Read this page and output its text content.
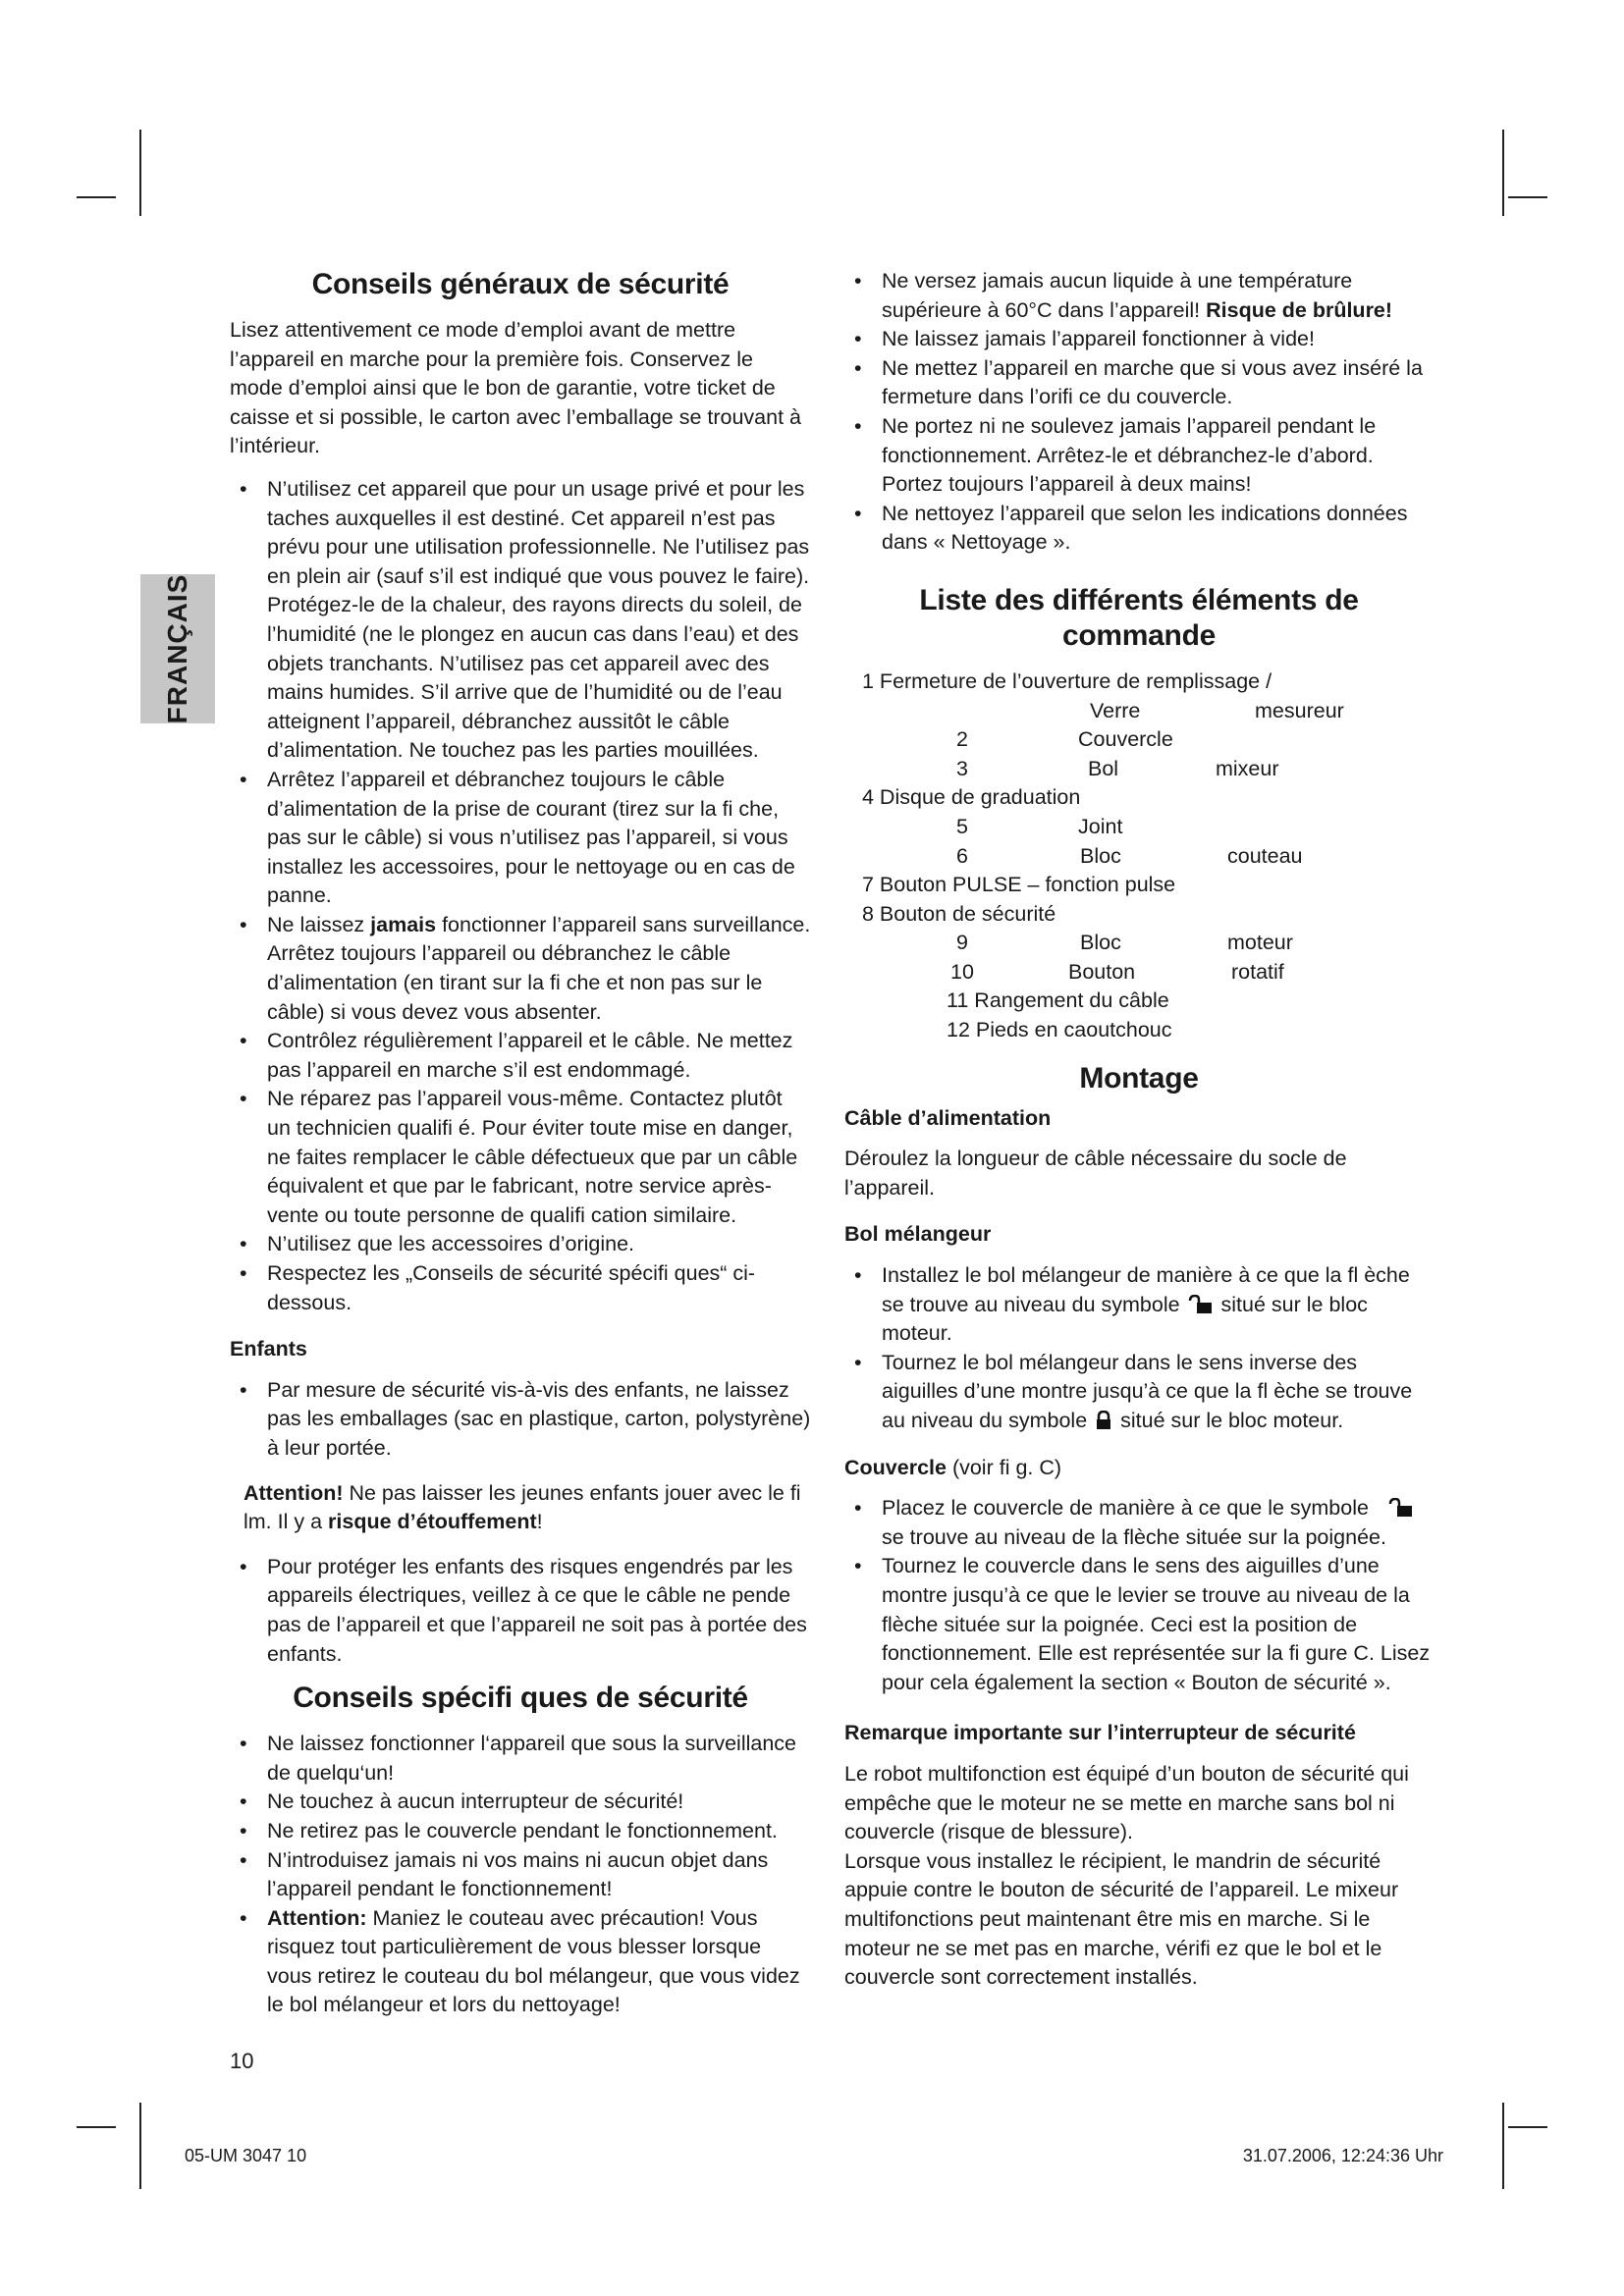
FRANÇAIS
Conseils généraux de sécurité

Lisez attentivement ce mode d’emploi avant de mettre l’appareil en marche pour la première fois. Conservez le mode d’emploi ainsi que le bon de garantie, votre ticket de caisse et si possible, le carton avec l’emballage se trouvant à l’intérieur.

• N’utilisez cet appareil que pour un usage privé et pour les taches auxquelles il est destiné. Cet appareil n’est pas prévu pour une utilisation professionnelle. Ne l’utilisez pas en plein air (sauf s’il est indiqué que vous pouvez le faire). Protégez-le de la chaleur, des rayons directs du soleil, de l’humidité (ne le plongez en aucun cas dans l’eau) et des objets tranchants. N’utilisez pas cet appareil avec des mains humides. S’il arrive que de l’humidité ou de l’eau atteignent l’appareil, débranchez aussitôt le câble d’alimentation. Ne touchez pas les parties mouillées.
• Arrêtez l’appareil et débranchez toujours le câble d’alimentation de la prise de courant (tirez sur la fi che, pas sur le câble) si vous n’utilisez pas l’appareil, si vous installez les accessoires, pour le nettoyage ou en cas de panne.
• Ne laissez jamais fonctionner l’appareil sans surveillance. Arrêtez toujours l’appareil ou débranchez le câble d’alimentation (en tirant sur la fi che et non pas sur le câble) si vous devez vous absenter.
• Contrôlez régulièrement l’appareil et le câble. Ne mettez pas l’appareil en marche s’il est endommagé.
• Ne réparez pas l’appareil vous-même. Contactez plutôt un technicien qualifi é. Pour éviter toute mise en danger, ne faites remplacer le câble défectueux que par un câble équivalent et que par le fabricant, notre service après-vente ou toute personne de qualifi cation similaire.
• N’utilisez que les accessoires d’origine.
• Respectez les „Conseils de sécurité spécifi ques“ ci-dessous.
Enfants
• Par mesure de sécurité vis-à-vis des enfants, ne laissez pas les emballages (sac en plastique, carton, polystyrène) à leur portée.
Attention! Ne pas laisser les jeunes enfants jouer avec le fi lm. Il y a risque d’étouffement!
• Pour protéger les enfants des risques engendrés par les appareils électriques, veillez à ce que le câble ne pende pas de l’appareil et que l’appareil ne soit pas à portée des enfants.
Conseils spécifi ques de sécurité
• Ne laissez fonctionner l‘appareil que sous la surveillance de quelqu‘un!
• Ne touchez à aucun interrupteur de sécurité!
• Ne retirez pas le couvercle pendant le fonctionnement.
• N’introduisez jamais ni vos mains ni aucun objet dans l’appareil pendant le fonctionnement!
• Attention: Maniez le couteau avec précaution! Vous risquez tout particulièrement de vous blesser lorsque vous retirez le couteau du bol mélangeur, que vous videz le bol mélangeur et lors du nettoyage!
• Ne versez jamais aucun liquide à une température supérieure à 60°C dans l’appareil! Risque de brûlure!
• Ne laissez jamais l’appareil fonctionner à vide!
• Ne mettez l’appareil en marche que si vous avez inséré la fermeture dans l’orifi ce du couvercle.
• Ne portez ni ne soulevez jamais l’appareil pendant le fonctionnement. Arrêtez-le et débranchez-le d’abord. Portez toujours l’appareil à deux mains!
• Ne nettoyez l’appareil que selon les indications données dans « Nettoyage ».
Liste des différents éléments de commande
1 Fermeture de l’ouverture de remplissage /
Verre	mesureur
2	Couvercle
3	Bol	mixeur
4 Disque de graduation
5	Joint
6	Bloc	couteau
7 Bouton PULSE – fonction pulse
8 Bouton de sécurité
9	Bloc	moteur
10	Bouton	rotatif
11 Rangement du câble
12 Pieds en caoutchouc
Montage
Câble d’alimentation

Déroulez la longueur de câble nécessaire du socle de l’appareil.

Bol mélangeur
• Installez le bol mélangeur de manière à ce que la fl èche se trouve au niveau du symbole  situé sur le bloc moteur.
• Tournez le bol mélangeur dans le sens inverse des aiguilles d’une montre jusqu’à ce que la fl èche se trouve au niveau du symbole  situé sur le bloc moteur.
Couvercle (voir fi g. C)
• Placez le couvercle de manière à ce que le symbole se trouve au niveau de la flèche située sur la poignée.
• Tournez le couvercle dans le sens des aiguilles d’une montre jusqu’à ce que le levier se trouve au niveau de la flèche située sur la poignée. Ceci est la position de fonctionnement. Elle est représentée sur la fi gure C. Lisez pour cela également la section « Bouton de sécurité ».
Remarque importante sur l’interrupteur de sécurité

Le robot multifonction est équipé d’un bouton de sécurité qui empêche que le moteur ne se mette en marche sans bol ni couvercle (risque de blessure).

Lorsque vous installez le récipient, le mandrin de sécurité appuie contre le bouton de sécurité de l’appareil. Le mixeur multifonctions peut maintenant être mis en marche. Si le moteur ne se met pas en marche, vérifi ez que le bol et le couvercle sont correctement installés.

10
05-UM 3047 10	31.07.2006, 12:24:36 Uhr
